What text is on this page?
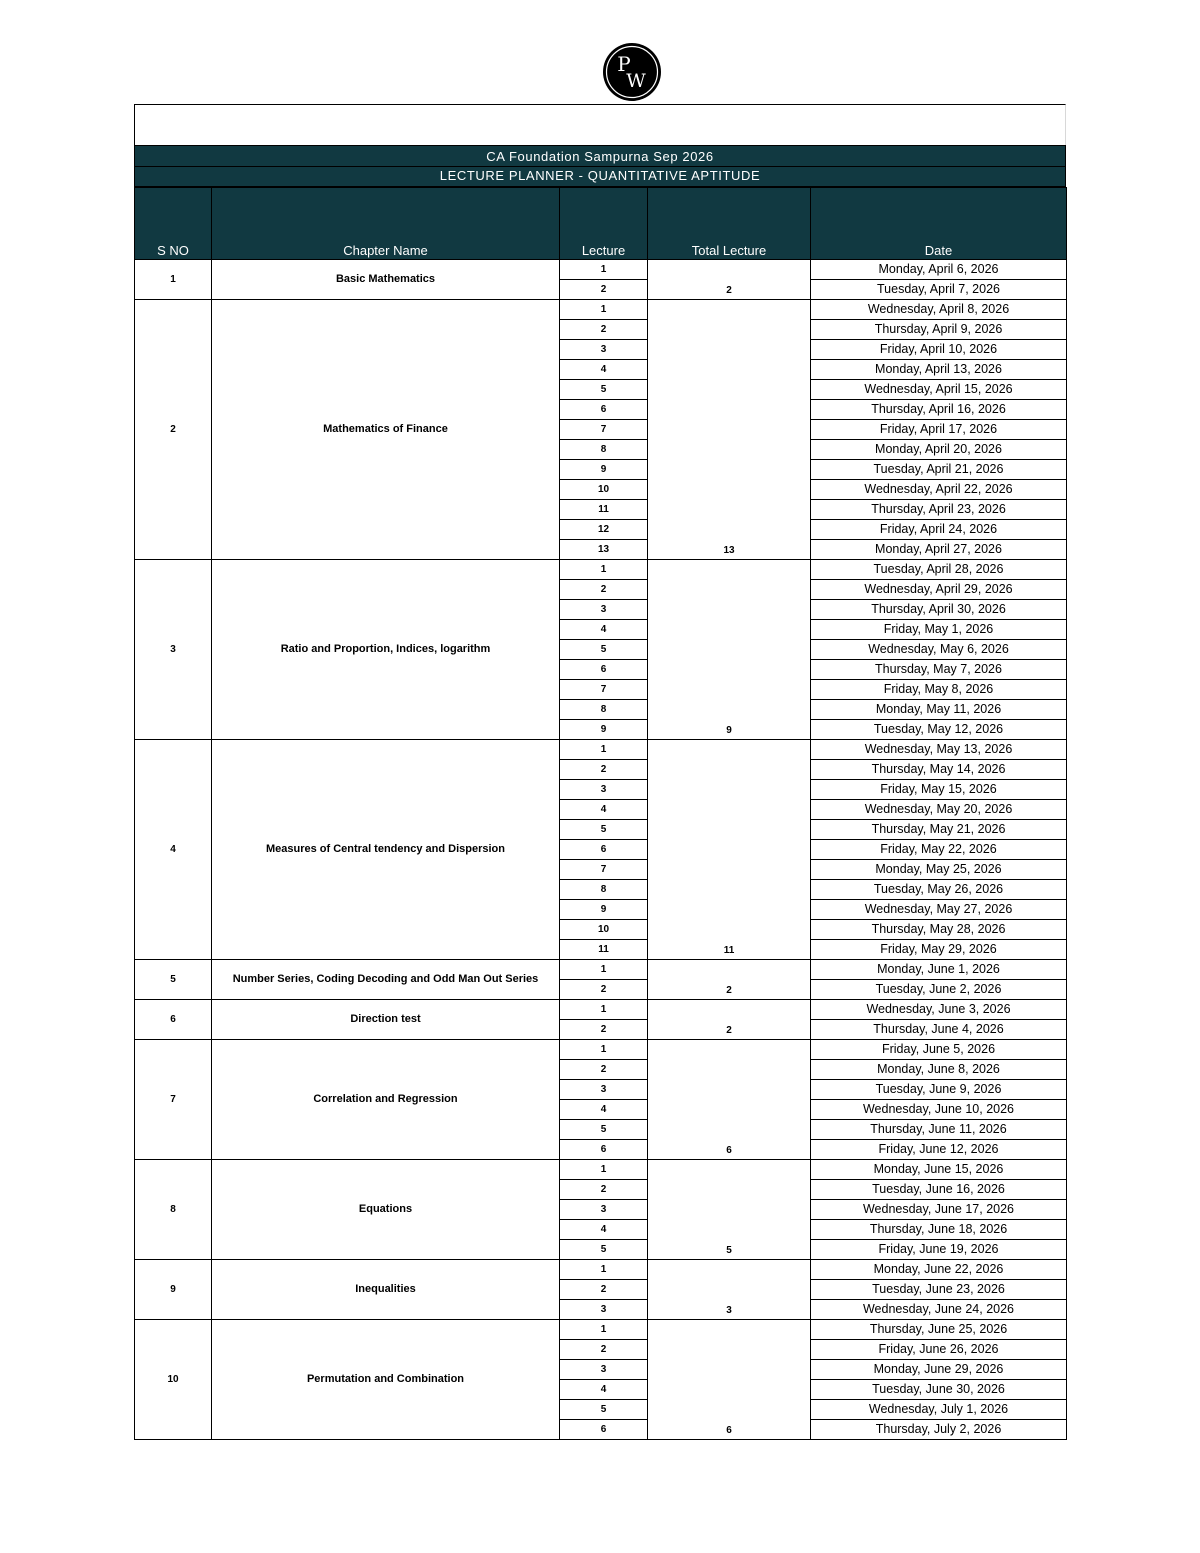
P
W
CA Foundation Sampurna Sep 2026
LECTURE PLANNER - QUANTITATIVE APTITUDE
S NO	Chapter Name	Lecture	Total Lecture	Date
1	Basic Mathematics	1	2	Monday, April 6, 2026
		2		Tuesday, April 7, 2026
2	Mathematics of Finance	1	13	Wednesday, April 8, 2026
		2		Thursday, April 9, 2026
		3		Friday, April 10, 2026
		4		Monday, April 13, 2026
		5		Wednesday, April 15, 2026
		6		Thursday, April 16, 2026
		7		Friday, April 17, 2026
		8		Monday, April 20, 2026
		9		Tuesday, April 21, 2026
		10		Wednesday, April 22, 2026
		11		Thursday, April 23, 2026
		12		Friday, April 24, 2026
		13		Monday, April 27, 2026
3	Ratio and Proportion, Indices, logarithm	1	9	Tuesday, April 28, 2026
		2		Wednesday, April 29, 2026
		3		Thursday, April 30, 2026
		4		Friday, May 1, 2026
		5		Wednesday, May 6, 2026
		6		Thursday, May 7, 2026
		7		Friday, May 8, 2026
		8		Monday, May 11, 2026
		9		Tuesday, May 12, 2026
4	Measures of Central tendency and Dispersion	1	11	Wednesday, May 13, 2026
		2		Thursday, May 14, 2026
		3		Friday, May 15, 2026
		4		Wednesday, May 20, 2026
		5		Thursday, May 21, 2026
		6		Friday, May 22, 2026
		7		Monday, May 25, 2026
		8		Tuesday, May 26, 2026
		9		Wednesday, May 27, 2026
		10		Thursday, May 28, 2026
		11		Friday, May 29, 2026
5	Number Series, Coding Decoding and Odd Man Out Series	1	2	Monday, June 1, 2026
		2		Tuesday, June 2, 2026
6	Direction test	1	2	Wednesday, June 3, 2026
		2		Thursday, June 4, 2026
7	Correlation and Regression	1	6	Friday, June 5, 2026
		2		Monday, June 8, 2026
		3		Tuesday, June 9, 2026
		4		Wednesday, June 10, 2026
		5		Thursday, June 11, 2026
		6		Friday, June 12, 2026
8	Equations	1	5	Monday, June 15, 2026
		2		Tuesday, June 16, 2026
		3		Wednesday, June 17, 2026
		4		Thursday, June 18, 2026
		5		Friday, June 19, 2026
9	Inequalities	1	3	Monday, June 22, 2026
		2		Tuesday, June 23, 2026
		3		Wednesday, June 24, 2026
10	Permutation and Combination	1	6	Thursday, June 25, 2026
		2		Friday, June 26, 2026
		3		Monday, June 29, 2026
		4		Tuesday, June 30, 2026
		5		Wednesday, July 1, 2026
		6		Thursday, July 2, 2026
